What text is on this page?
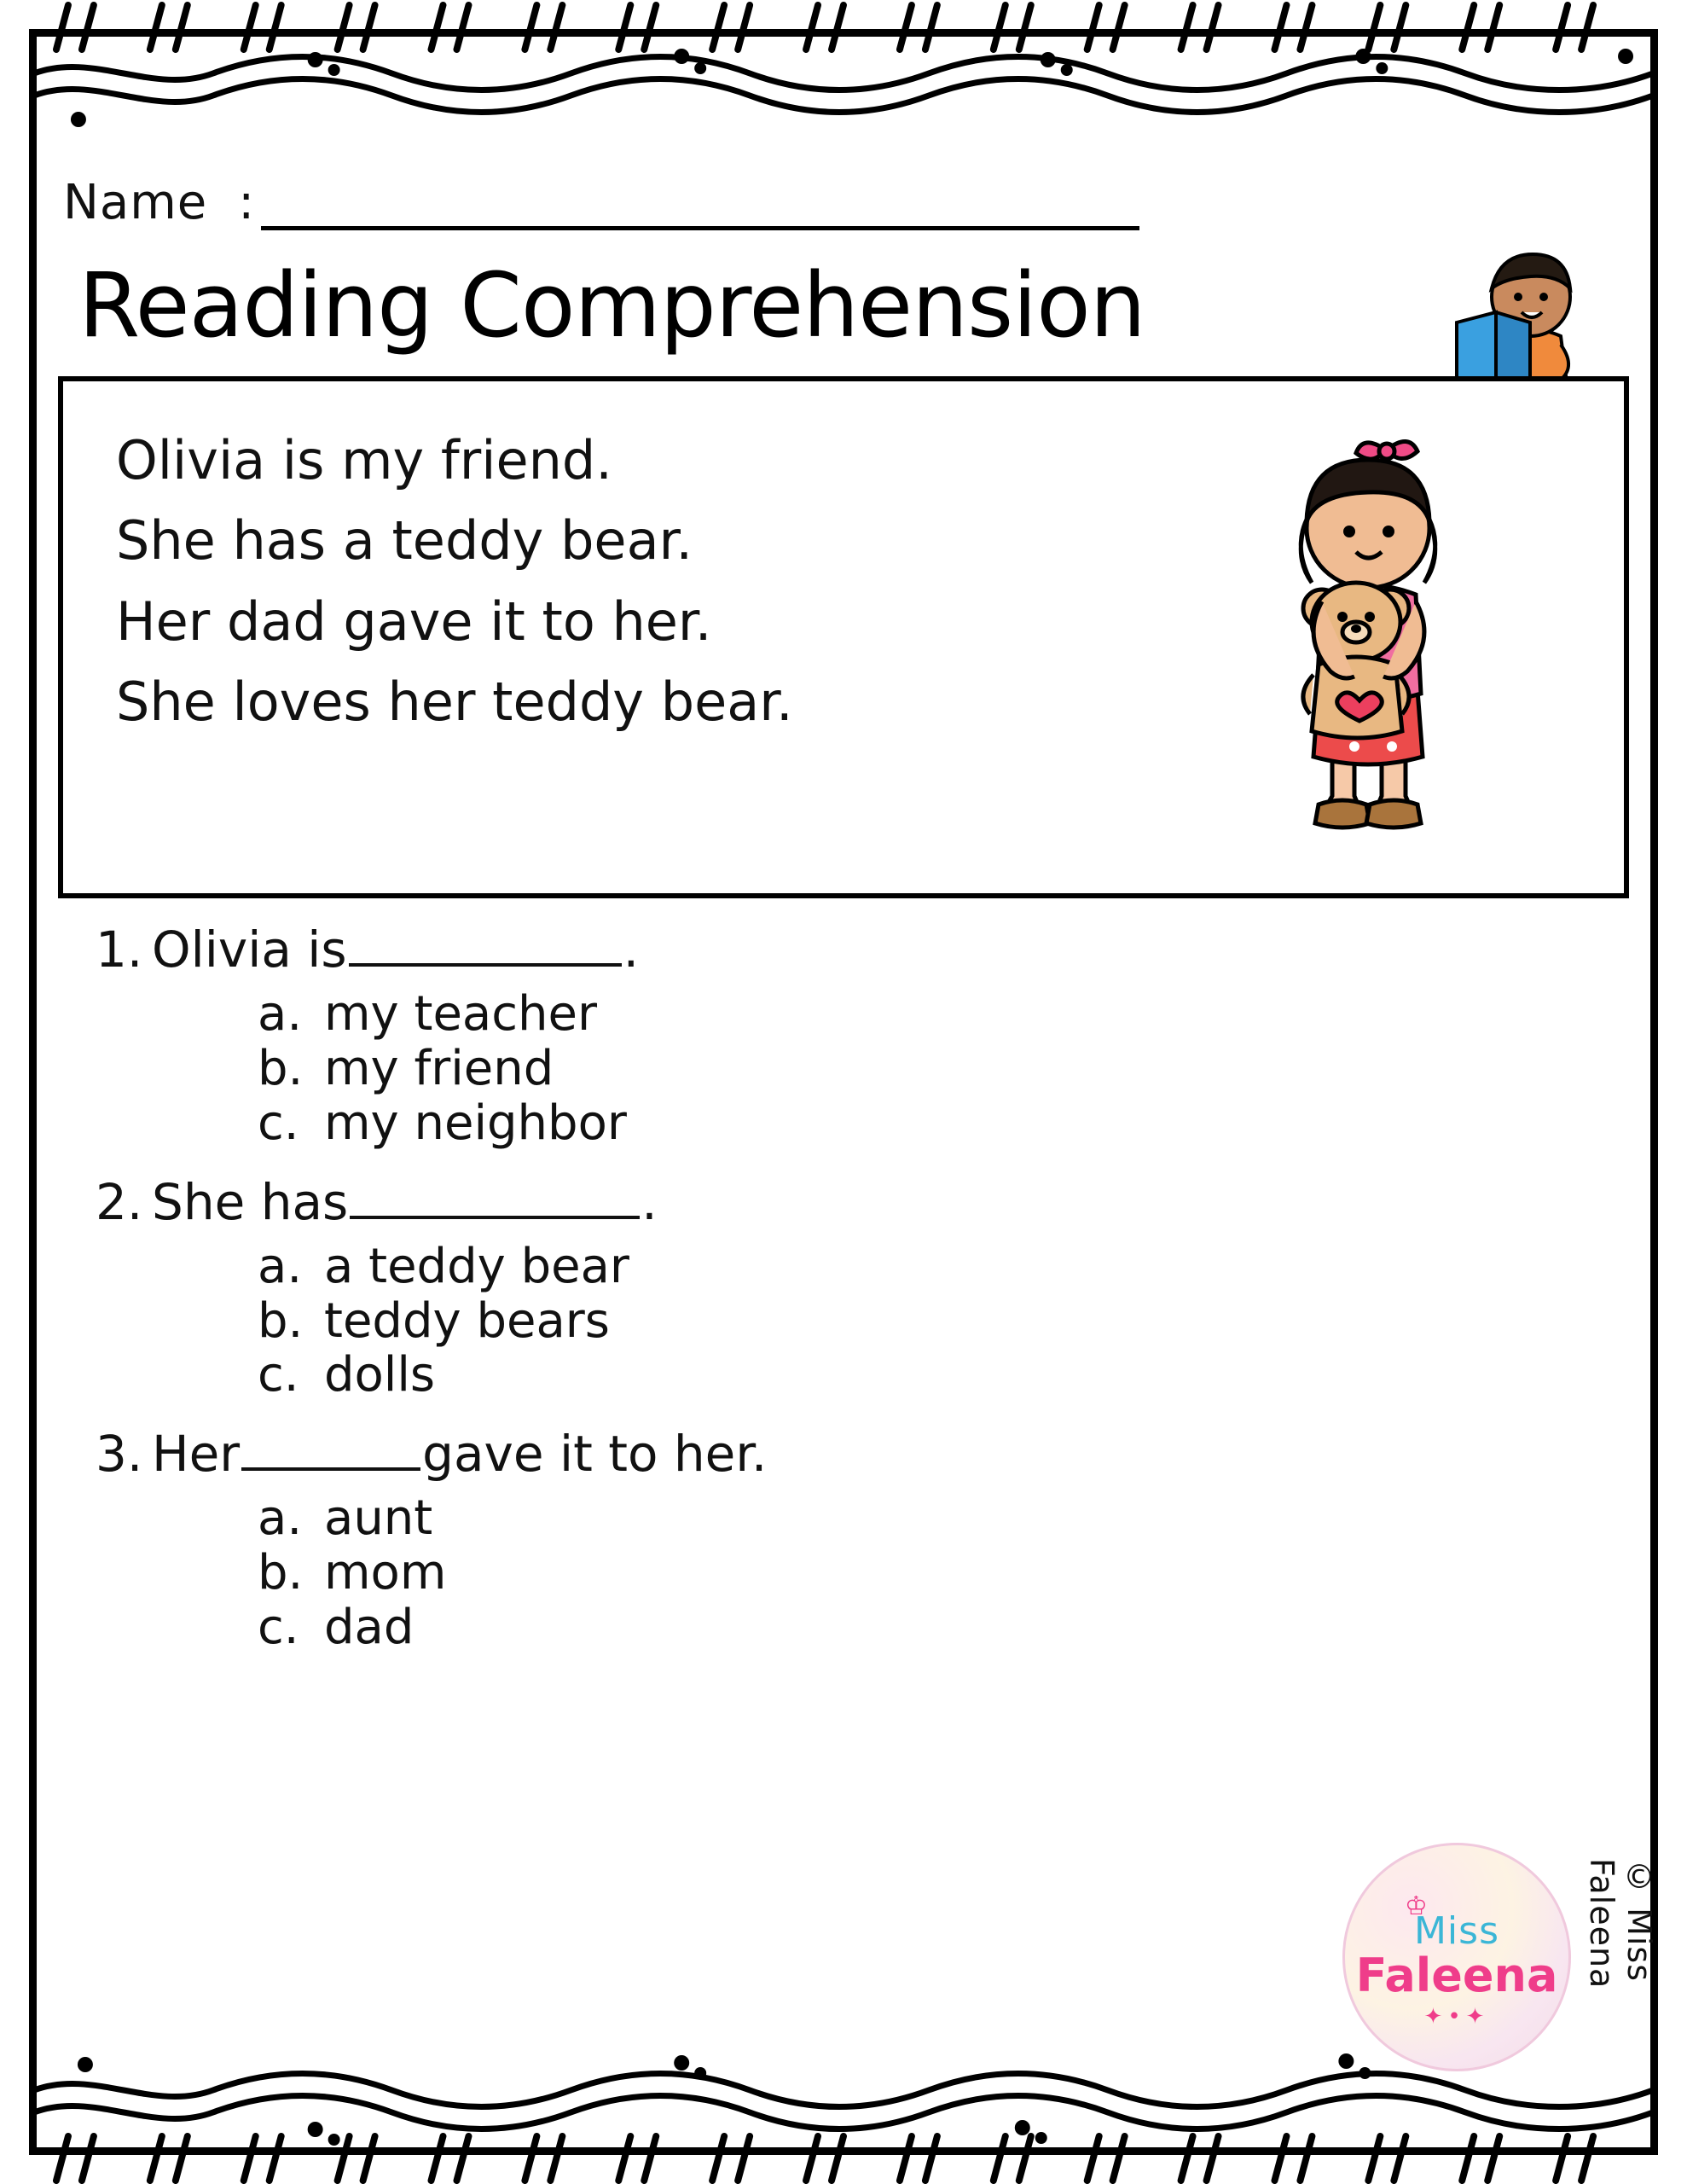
Name :
Reading Comprehension
Olivia is my friend.
She has a teddy bear.
Her dad gave it to her.
She loves her teddy bear.
1. Olivia is	.
a. my teacher
b. my friend
c. my neighbor
2. She has	.
a. a teddy bear
b. teddy bears
c. dolls
3. Her	gave it to her.
a. aunt
b. mom
c. dad
♔
Miss
Faleena
✦•✦
© Miss Faleena
